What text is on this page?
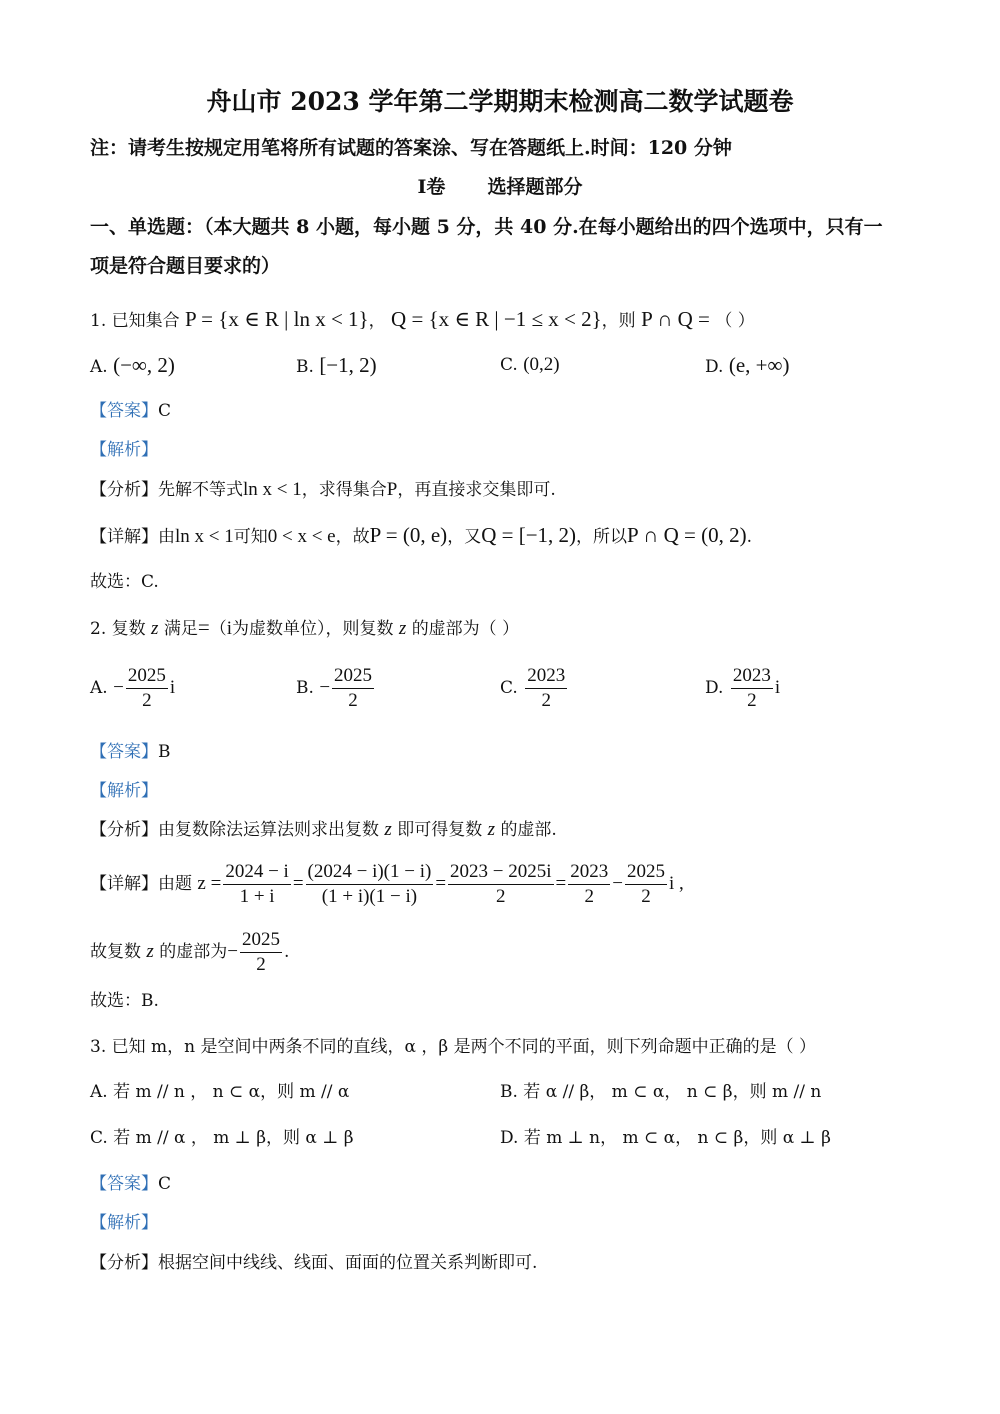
舟山市 2023 学年第二学期期末检测高二数学试题卷
注：请考生按规定用笔将所有试题的答案涂、写在答题纸上.时间：120 分钟
I卷 选择题部分
一、单选题：（本大题共 8 小题，每小题 5 分，共 40 分.在每小题给出的四个选项中，只有一
项是符合题目要求的）
1. 已知集合 P = {x ∈ R | ln x < 1}， Q = {x ∈ R | −1 ≤ x < 2}，则 P ∩ Q = （ ）
A. (−∞, 2)	B. [−1, 2)	C. (0,2)	D. (e, +∞)
【答案】C
【解析】
【分析】先解不等式ln x < 1，求得集合P，再直接求交集即可.
【详解】由ln x < 1可知0 < x < e，故P = (0, e)，又Q = [−1, 2)，所以P ∩ Q = (0, 2).
故选：C.
2. 复数 z 满足=（i为虚数单位），则复数 z 的虚部为（ ）
A. − $\frac{2025}{2}$ i	B. − $\frac{2025}{2}$	C. $\frac{2023}{2}$	D. $\frac{2023}{2}$ i
【答案】B
【解析】
【分析】由复数除法运算法则求出复数 z 即可得复数 z 的虚部.
【详解】由题 $z = \frac{2024 - i}{1 + i} = \frac{(2024 - i)(1 - i)}{(1 + i)(1 - i)} = \frac{2023 - 2025i}{2} = \frac{2023}{2} - \frac{2025}{2}$ i ,
故复数 z 的虚部为− $\frac{2025}{2}$ .
故选：B.
3. 已知 m，n 是空间中两条不同的直线，α ，β 是两个不同的平面，则下列命题中正确的是（ ）
A. 若 m // n ， n ⊂ α，则 m // α	B. 若 α // β， m ⊂ α， n ⊂ β，则 m // n
C. 若 m // α ， m ⊥ β，则 α ⊥ β	D. 若 m ⊥ n， m ⊂ α， n ⊂ β，则 α ⊥ β
【答案】C
【解析】
【分析】根据空间中线线、线面、面面的位置关系判断即可.
